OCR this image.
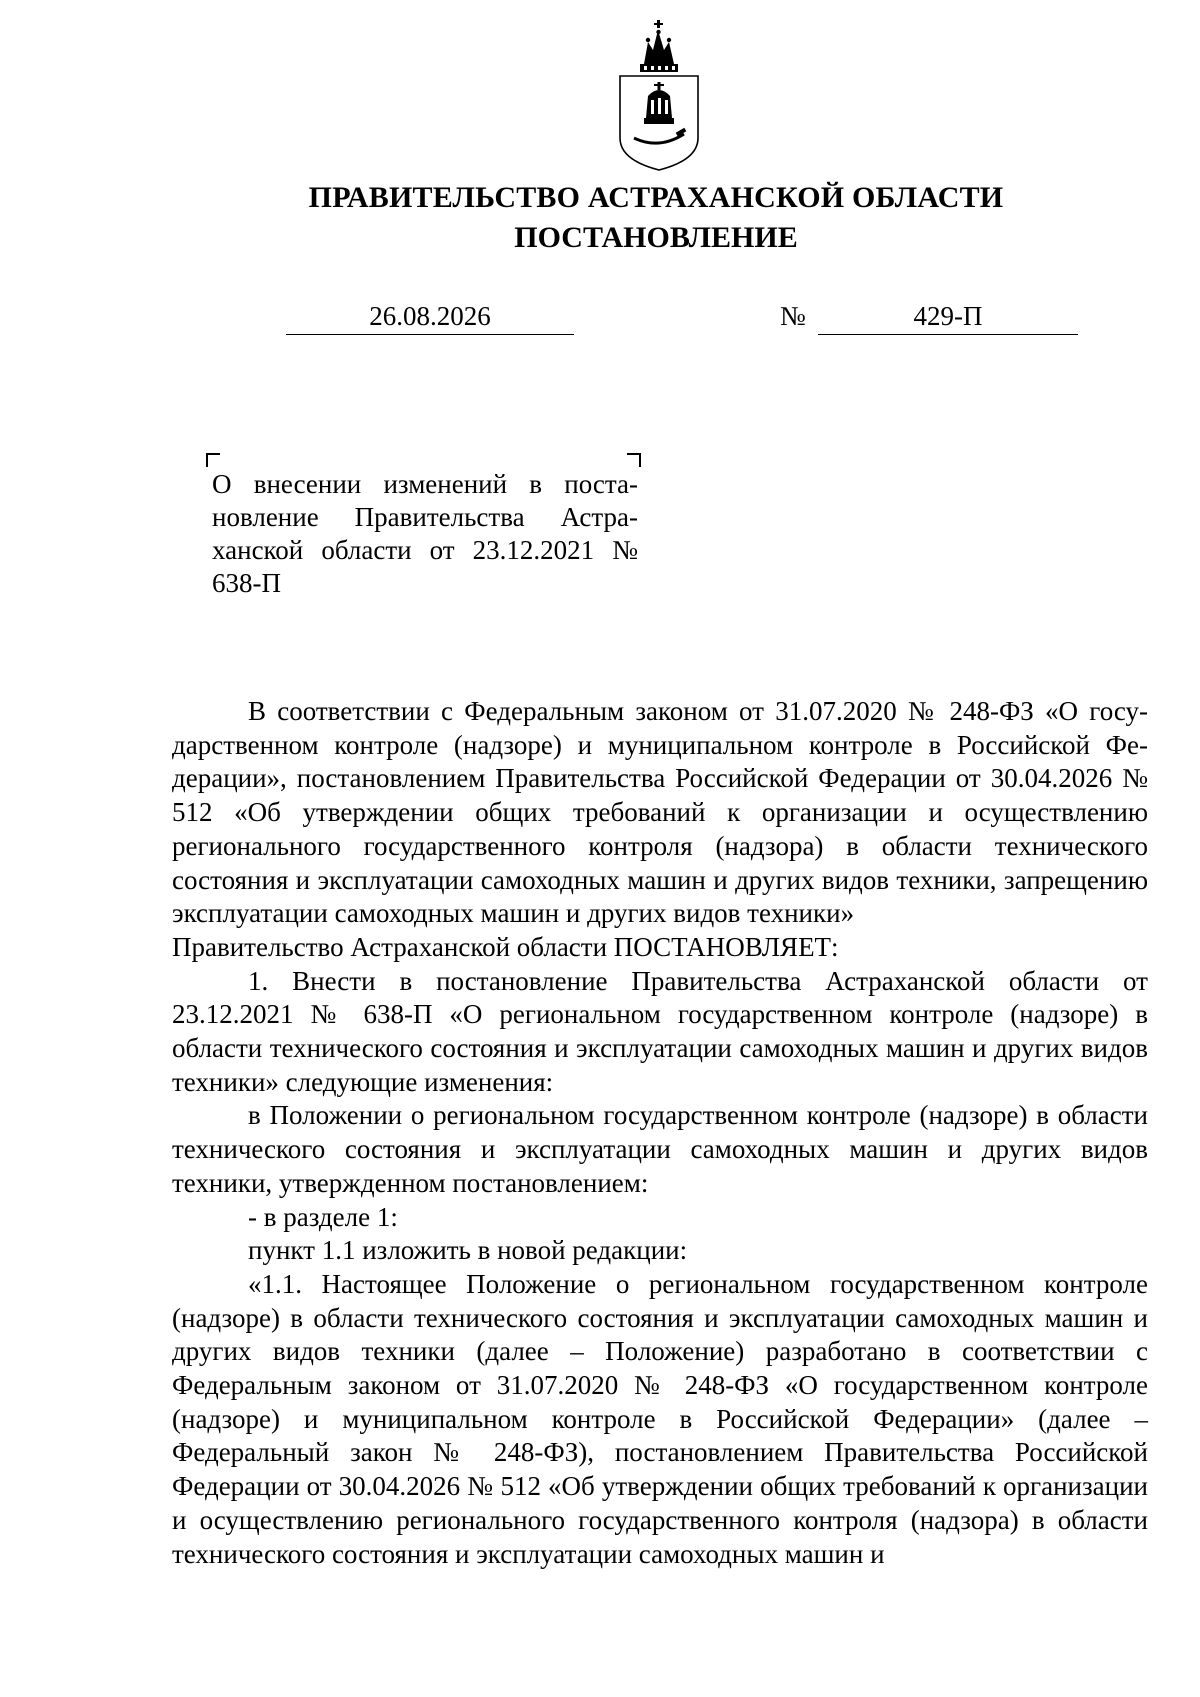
ПРАВИТЕЛЬСТВО АСТРАХАНСКОЙ ОБЛАСТИ
ПОСТАНОВЛЕНИЕ
26.08.2026	№	429-П
О внесении изменений в постановление Правительства Астраханской области от 23.12.2021 № 638-П

В соответствии с Федеральным законом от 31.07.2020 № 248-ФЗ «О государственном контроле (надзоре) и муниципальном контроле в Российской Федерации», постановлением Правительства Российской Федерации от 30.04.2026 № 512 «Об утверждении общих требований к организации и осуществлению регионального государственного контроля (надзора) в области технического состояния и эксплуатации самоходных машин и других видов техники, запрещению эксплуатации самоходных машин и других видов техники»

Правительство Астраханской области ПОСТАНОВЛЯЕТ:

1. Внести в постановление Правительства Астраханской области от 23.12.2021 № 638-П «О региональном государственном контроле (надзоре) в области технического состояния и эксплуатации самоходных машин и других видов техники» следующие изменения:

в Положении о региональном государственном контроле (надзоре) в области технического состояния и эксплуатации самоходных машин и других видов техники, утвержденном постановлением:

- в разделе 1:

пункт 1.1 изложить в новой редакции:

«1.1. Настоящее Положение о региональном государственном контроле (надзоре) в области технического состояния и эксплуатации самоходных машин и других видов техники (далее – Положение) разработано в соответствии с Федеральным законом от 31.07.2020 № 248-ФЗ «О государственном контроле (надзоре) и муниципальном контроле в Российской Федерации» (далее – Федеральный закон № 248-ФЗ), постановлением Правительства Российской Федерации от 30.04.2026 № 512 «Об утверждении общих требований к организации и осуществлению регионального государственного контроля (надзора) в области технического состояния и эксплуатации самоходных машин и
